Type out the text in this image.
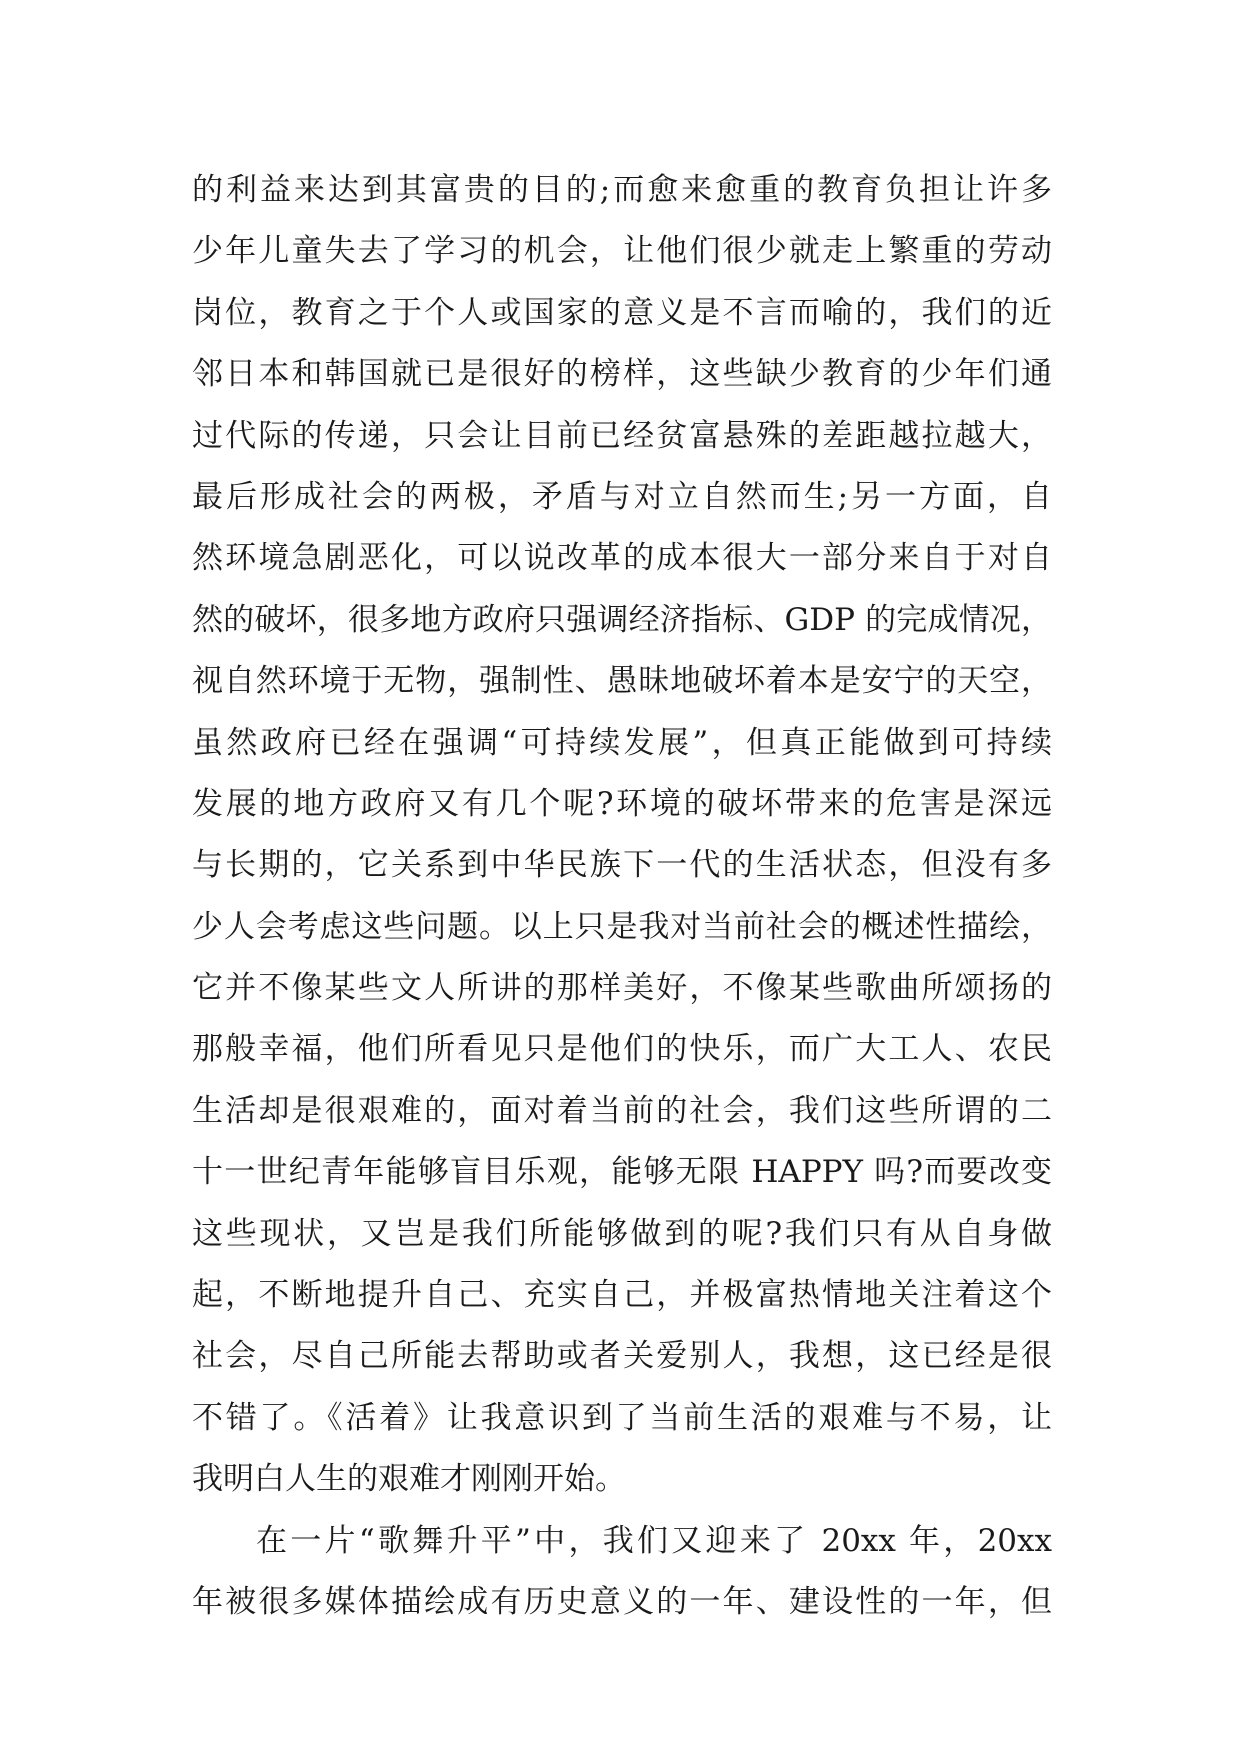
的利益来达到其富贵的目的;而愈来愈重的教育负担让许多
少年儿童失去了学习的机会，让他们很少就走上繁重的劳动
岗位，教育之于个人或国家的意义是不言而喻的，我们的近
邻日本和韩国就已是很好的榜样，这些缺少教育的少年们通
过代际的传递，只会让目前已经贫富悬殊的差距越拉越大，
最后形成社会的两极，矛盾与对立自然而生;另一方面，自
然环境急剧恶化，可以说改革的成本很大一部分来自于对自
然的破坏，很多地方政府只强调经济指标、GDP 的完成情况，
视自然环境于无物，强制性、愚昧地破坏着本是安宁的天空，
虽然政府已经在强调“可持续发展”，但真正能做到可持续
发展的地方政府又有几个呢?环境的破坏带来的危害是深远
与长期的，它关系到中华民族下一代的生活状态，但没有多
少人会考虑这些问题。以上只是我对当前社会的概述性描绘，
它并不像某些文人所讲的那样美好，不像某些歌曲所颂扬的
那般幸福，他们所看见只是他们的快乐，而广大工人、农民
生活却是很艰难的，面对着当前的社会，我们这些所谓的二
十一世纪青年能够盲目乐观，能够无限 HAPPY 吗?而要改变
这些现状，又岂是我们所能够做到的呢?我们只有从自身做
起，不断地提升自己、充实自己，并极富热情地关注着这个
社会，尽自己所能去帮助或者关爱别人，我想，这已经是很
不错了。《活着》让我意识到了当前生活的艰难与不易，让
我明白人生的艰难才刚刚开始。
在一片“歌舞升平”中，我们又迎来了 20xx 年，20xx
年被很多媒体描绘成有历史意义的一年、建设性的一年，但
